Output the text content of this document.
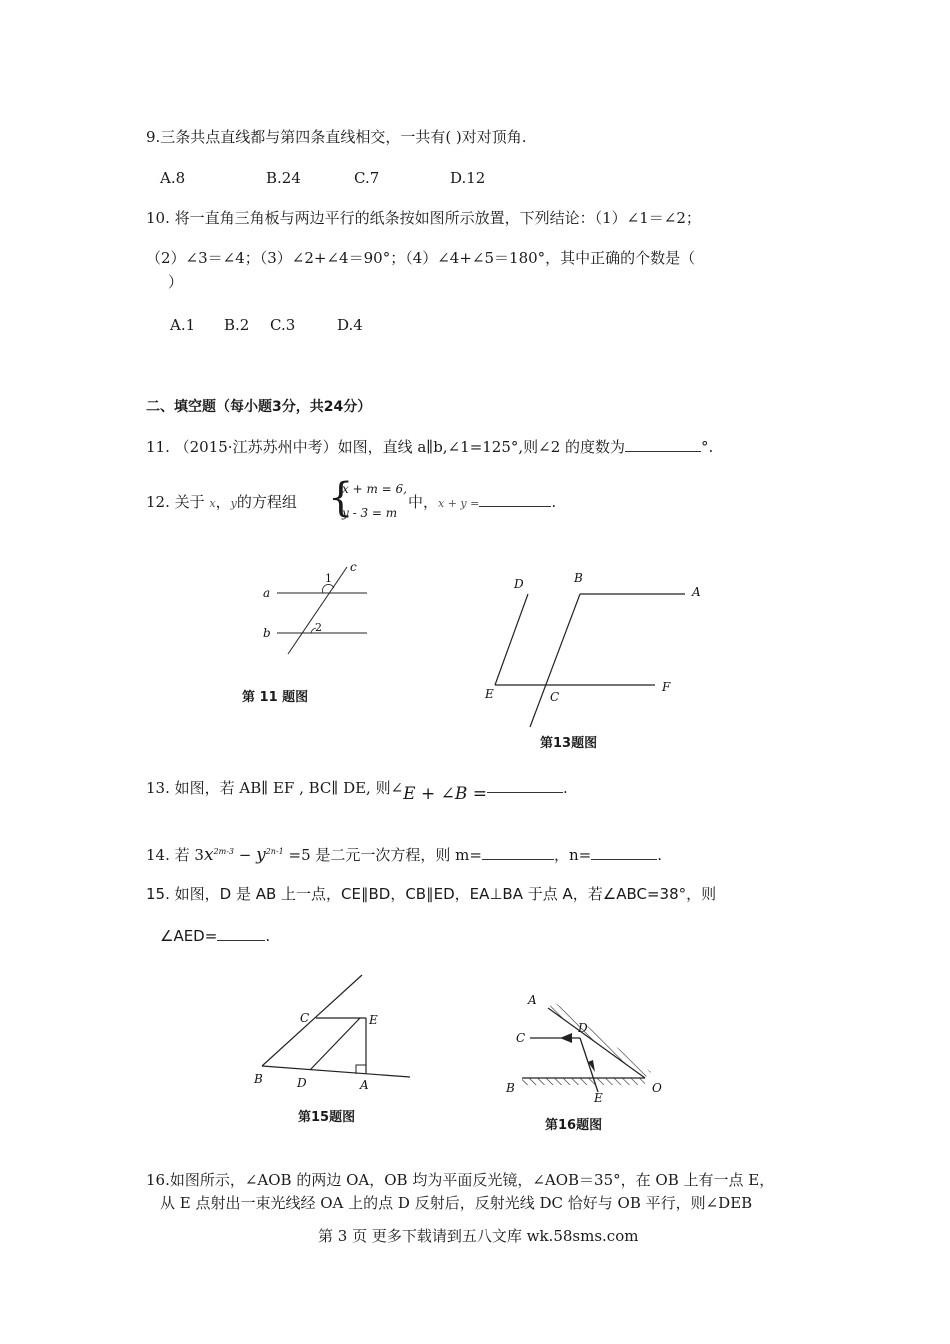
9.三条共点直线都与第四条直线相交，一共有( )对对顶角.
A.8	B.24	C.7	D.12
10. 将一直角三角板与两边平行的纸条按如图所示放置，下列结论：（1）∠1＝∠2；
（2）∠3＝∠4；（3）∠2+∠4＝90°；（4）∠4+∠5＝180°，其中正确的个数是（
）
A.1 B.2 C.3	D.4
二、填空题（每小题3分，共24分）
11. （2015·江苏苏州中考）如图，直线 a∥b,∠1=125°,则∠2 的度数为	°.
12. 关于 x，y的方程组 {
x + m = 6,
y - 3 = m
中，x + y =	.
a
b
c
1
2
第 11 题图
D	B
A
E	C
F
第13题图
13. 如图，若 AB∥ EF , BC∥ DE, 则∠E + ∠B =	.
14. 若 $3x^{2m-3} - y^{2n-1} =5$ 是二元一次方程，则 m=	，n=	.
15. 如图，D 是 AB 上一点，CE∥BD，CB∥ED，EA⊥BA 于点 A，若∠ABC=38°，则
∠AED=	.
C	E
B	D	A
第15题图
A
C
D
B
E
O
第16题图
16.如图所示，∠AOB 的两边 OA，OB 均为平面反光镜，∠AOB＝35°，在 OB 上有一点 E，
从 E 点射出一束光线经 OA 上的点 D 反射后，反射光线 DC 恰好与 OB 平行，则∠DEB
第 3 页 更多下载请到五八文库 wk.58sms.com
